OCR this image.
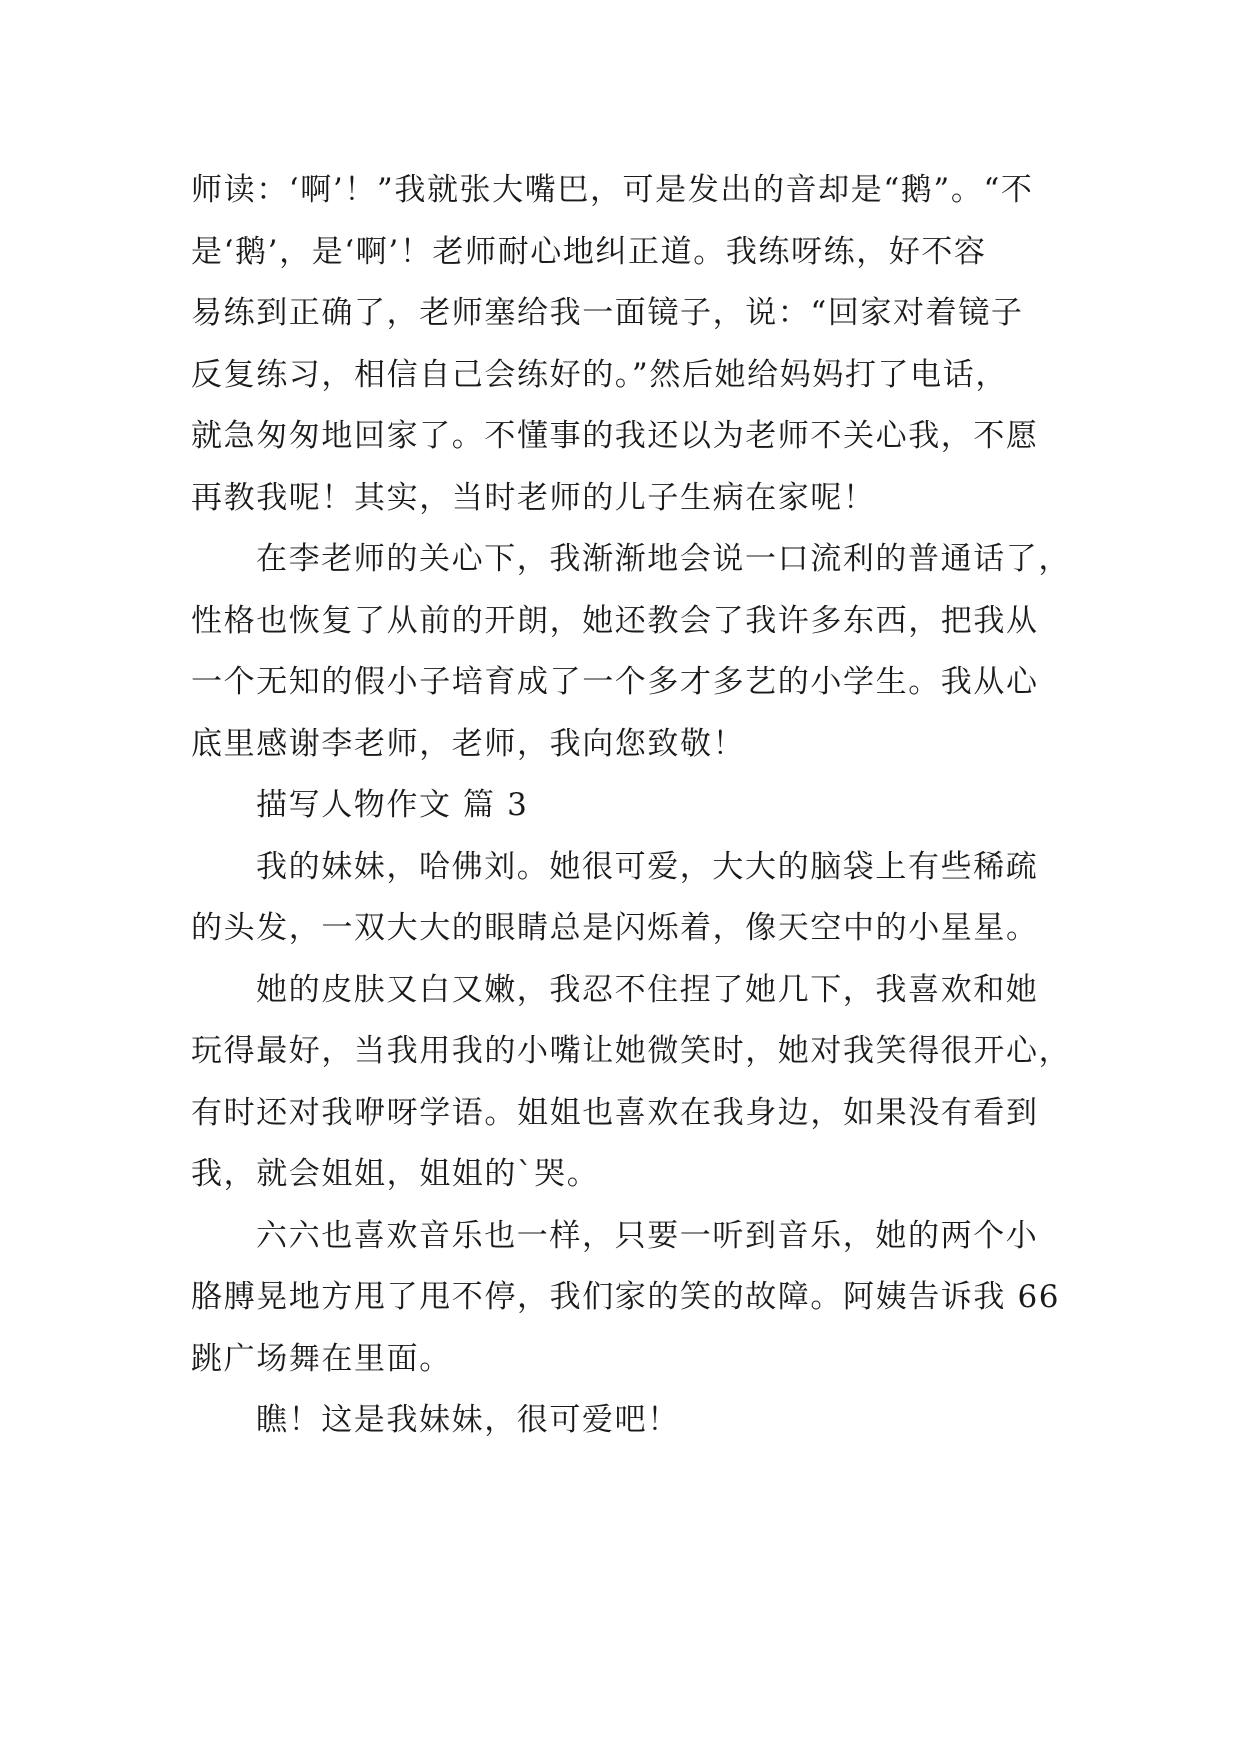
师读：‘啊’！”我就张大嘴巴，可是发出的音却是“鹅”。“不
是‘鹅’，是‘啊’！老师耐心地纠正道。我练呀练，好不容
易练到正确了，老师塞给我一面镜子，说：“回家对着镜子
反复练习，相信自己会练好的。”然后她给妈妈打了电话，
就急匆匆地回家了。不懂事的我还以为老师不关心我，不愿
再教我呢！其实，当时老师的儿子生病在家呢！
在李老师的关心下，我渐渐地会说一口流利的普通话了，
性格也恢复了从前的开朗，她还教会了我许多东西，把我从
一个无知的假小子培育成了一个多才多艺的小学生。我从心
底里感谢李老师，老师，我向您致敬！
描写人物作文 篇 3
我的妹妹，哈佛刘。她很可爱，大大的脑袋上有些稀疏
的头发，一双大大的眼睛总是闪烁着，像天空中的小星星。
她的皮肤又白又嫩，我忍不住捏了她几下，我喜欢和她
玩得最好，当我用我的小嘴让她微笑时，她对我笑得很开心，
有时还对我咿呀学语。姐姐也喜欢在我身边，如果没有看到
我，就会姐姐，姐姐的`哭。
六六也喜欢音乐也一样，只要一听到音乐，她的两个小
胳膊晃地方甩了甩不停，我们家的笑的故障。阿姨告诉我 66
跳广场舞在里面。
瞧！这是我妹妹，很可爱吧！
